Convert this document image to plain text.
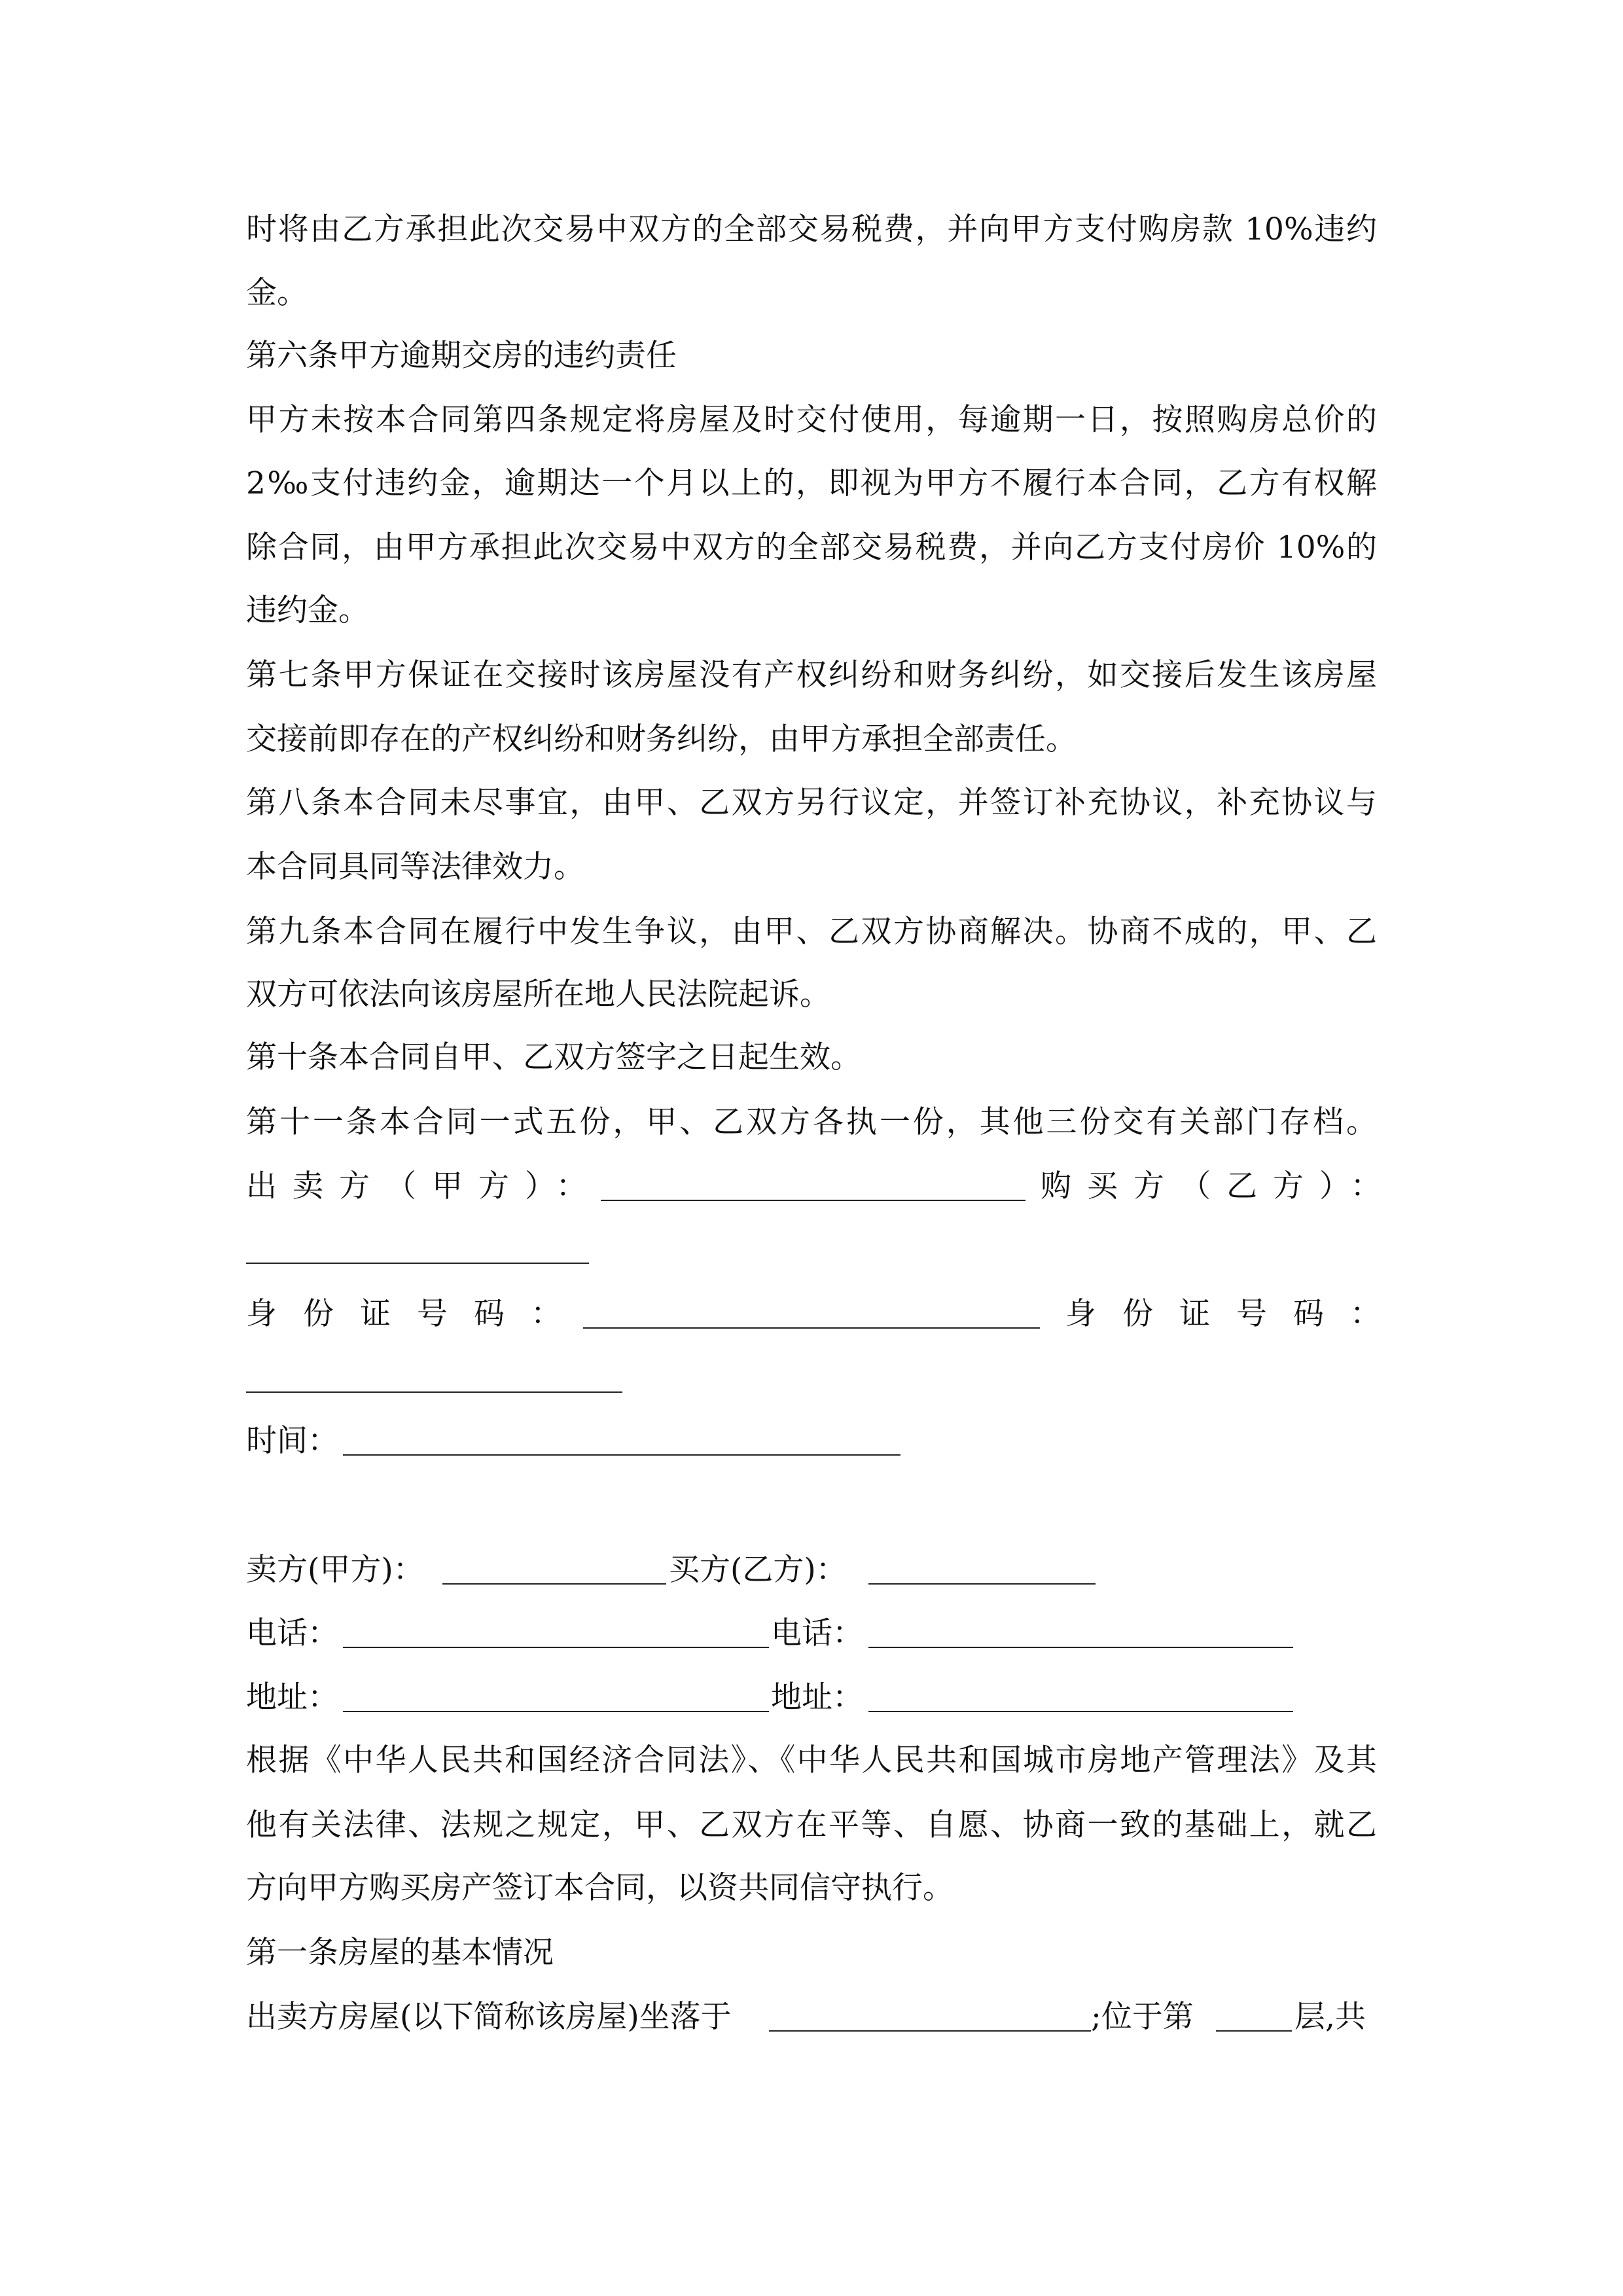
时将由乙方承担此次交易中双方的全部交易税费，并向甲方支付购房款 10%违约
金。
第六条甲方逾期交房的违约责任
甲方未按本合同第四条规定将房屋及时交付使用，每逾期一日，按照购房总价的
2‰支付违约金，逾期达一个月以上的，即视为甲方不履行本合同，乙方有权解
除合同，由甲方承担此次交易中双方的全部交易税费，并向乙方支付房价 10%的
违约金。
第七条甲方保证在交接时该房屋没有产权纠纷和财务纠纷，如交接后发生该房屋
交接前即存在的产权纠纷和财务纠纷，由甲方承担全部责任。
第八条本合同未尽事宜，由甲、乙双方另行议定，并签订补充协议，补充协议与
本合同具同等法律效力。
第九条本合同在履行中发生争议，由甲、乙双方协商解决。协商不成的，甲、乙
双方可依法向该房屋所在地人民法院起诉。
第十条本合同自甲、乙双方签字之日起生效。
第十一条本合同一式五份，甲、乙双方各执一份，其他三份交有关部门存档。
出卖方（甲方）：	购买方（乙方）：
身份证号码：	身份证号码：
时间：
卖方(甲方)：	买方(乙方)：
电话：	电话：
地址：	地址：
根据《中华人民共和国经济合同法》、《中华人民共和国城市房地产管理法》及其
他有关法律、法规之规定，甲、乙双方在平等、自愿、协商一致的基础上，就乙
方向甲方购买房产签订本合同，以资共同信守执行。
第一条房屋的基本情况
出卖方房屋(以下简称该房屋)坐落于	;位于第	层,共
